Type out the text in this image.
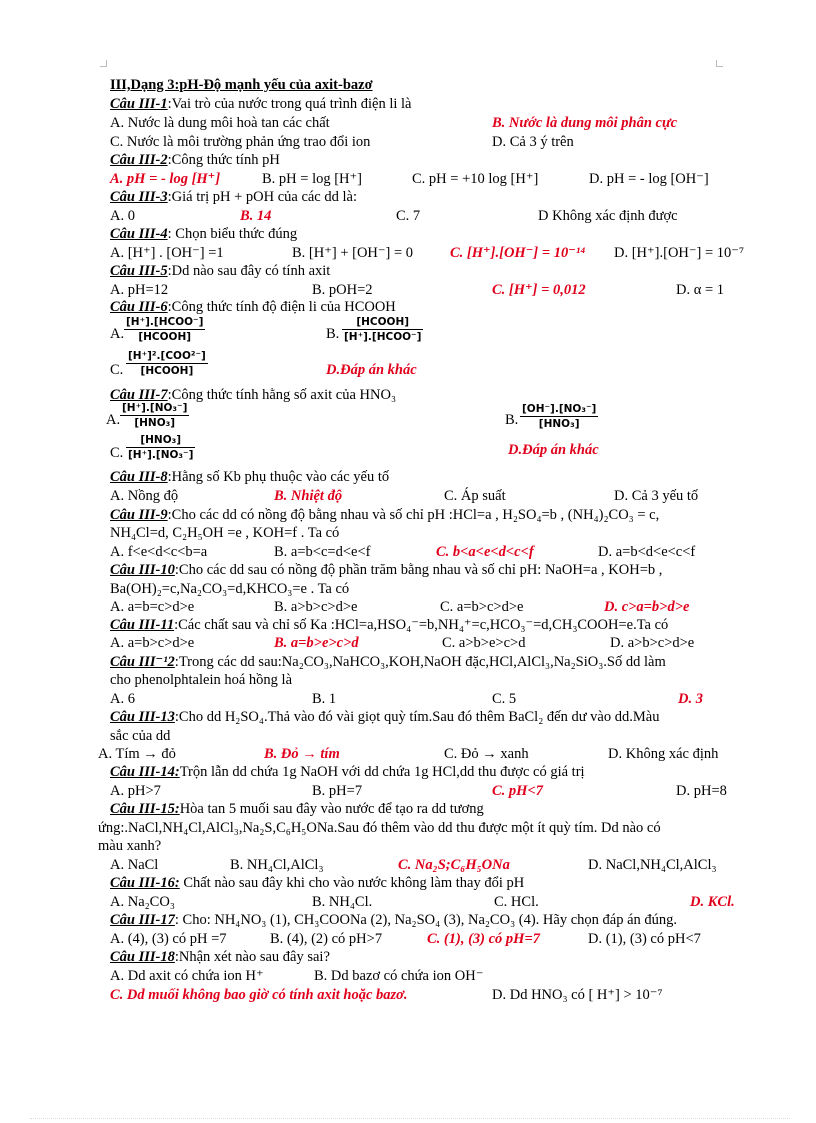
III,Dạng 3:pH-Độ mạnh yếu của axit-bazơ
Câu III-1:Vai trò của nước trong quá trình điện li là
A. Nước là dung môi hoà tan các chất	B. Nước là dung môi phân cực
C. Nước là môi trường phản ứng trao đổi ion	D. Cả 3 ý trên
Câu III-2:Công thức tính pH
A. pH = - log [H⁺]	B. pH = log [H⁺]	C. pH = +10 log [H⁺]	D. pH = - log [OH⁻]
Câu III-3:Giá trị pH + pOH của các dd là:
A. 0	B. 14	C. 7	D Không xác định được
Câu III-4: Chọn biểu thức đúng
A. [H⁺] . [OH⁻] =1	B. [H⁺] + [OH⁻] = 0	C. [H⁺].[OH⁻] = 10⁻¹⁴ D. [H⁺].[OH⁻] = 10⁻⁷
Câu III-5:Dd nào sau đây có tính axit
A. pH=12	B. pOH=2	C. [H⁺] = 0,012	D. α = 1
Câu III-6:Công thức tính độ điện li của HCOOH
A.
[H⁺].[HCOO⁻]
[HCOOH]	B.
[HCOOH]
[H⁺].[HCOO⁻]
C.
[H⁺]².[COO²⁻]
[HCOOH]	D.Đáp án khác
Câu III-7:Công thức tính hằng số axit của HNO₃
A.
[H⁺].[NO₃⁻]
[HNO₃]	B.
[OH⁻].[NO₃⁻]
[HNO₃]
C.
[HNO₃]
[H⁺].[NO₃⁻]	D.Đáp án khác
Câu III-8:Hằng số Kb phụ thuộc vào các yếu tố
A. Nồng độ	B. Nhiệt độ	C. Áp suất	D. Cả 3 yếu tố
Câu III-9:Cho các dd có nồng độ bằng nhau và số chỉ pH :HCl=a , H₂SO₄=b , (NH₄)₂CO₃ = c,
NH₄Cl=d, C₂H₅OH =e , KOH=f . Ta có
A. f<e<d<c<b=a	B. a=b<c=d<e<f	C. b<a<e<d<c<f	D. a=b<d<e<c<f
Câu III-10:Cho các dd sau có nồng độ phần trăm bằng nhau và số chỉ pH: NaOH=a , KOH=b ,
Ba(OH)₂=c,Na₂CO₃=d,KHCO₃=e . Ta có
A. a=b=c>d>e	B. a>b>c>d>e	C. a=b>c>d>e	D. c>a=b>d>e
Câu III-11:Các chất sau và chỉ số Ka :HCl=a,HSO₄⁻=b,NH₄⁺=c,HCO₃⁻=d,CH₃COOH=e.Ta có
A. a=b>c>d>e	B. a=b>e>c>d	C. a>b>e>c>d	D. a>b>c>d>e
Câu III⁻¹2:Trong các dd sau:Na₂CO₃,NaHCO₃,KOH,NaOH đặc,HCl,AlCl₃,Na₂SiO₃.Số dd làm
cho phenolphtalein hoá hồng là
A. 6	B. 1	C. 5	D. 3
Câu III-13:Cho dd H₂SO₄.Thả vào đó vài giọt quỳ tím.Sau đó thêm BaCl₂ đến dư vào dd.Màu
sắc của dd
A. Tím → đỏ	B. Đỏ → tím	C. Đỏ → xanh	D. Không xác định
Câu III-14:Trộn lẫn dd chứa 1g NaOH với dd chứa 1g HCl,dd thu được có giá trị
A. pH>7	B. pH=7	C. pH<7	D. pH=8
Câu III-15:Hòa tan 5 muối sau đây vào nước để tạo ra dd tương
ứng:.NaCl,NH₄Cl,AlCl₃,Na₂S,C₆H₅ONa.Sau đó thêm vào dd thu được một ít quỳ tím. Dd nào có
màu xanh?
A. NaCl	B. NH₄Cl,AlCl₃	C. Na₂S;C₆H₅ONa	D. NaCl,NH₄Cl,AlCl₃
Câu III-16: Chất nào sau đây khi cho vào nước không làm thay đổi pH
A. Na₂CO₃	B. NH₄Cl.	C. HCl.	D. KCl.
Câu III-17: Cho: NH₄NO₃ (1), CH₃COONa (2), Na₂SO₄ (3), Na₂CO₃ (4). Hãy chọn đáp án đúng.
A. (4), (3) có pH =7	B. (4), (2) có pH>7	C. (1), (3) có pH=7	D. (1), (3) có pH<7
Câu III-18:Nhận xét nào sau đây sai?
A. Dd axit có chứa ion H⁺	B. Dd bazơ có chứa ion OH⁻
C. Dd muối không bao giờ có tính axit hoặc bazơ.	D. Dd HNO₃ có [ H⁺] > 10⁻⁷
